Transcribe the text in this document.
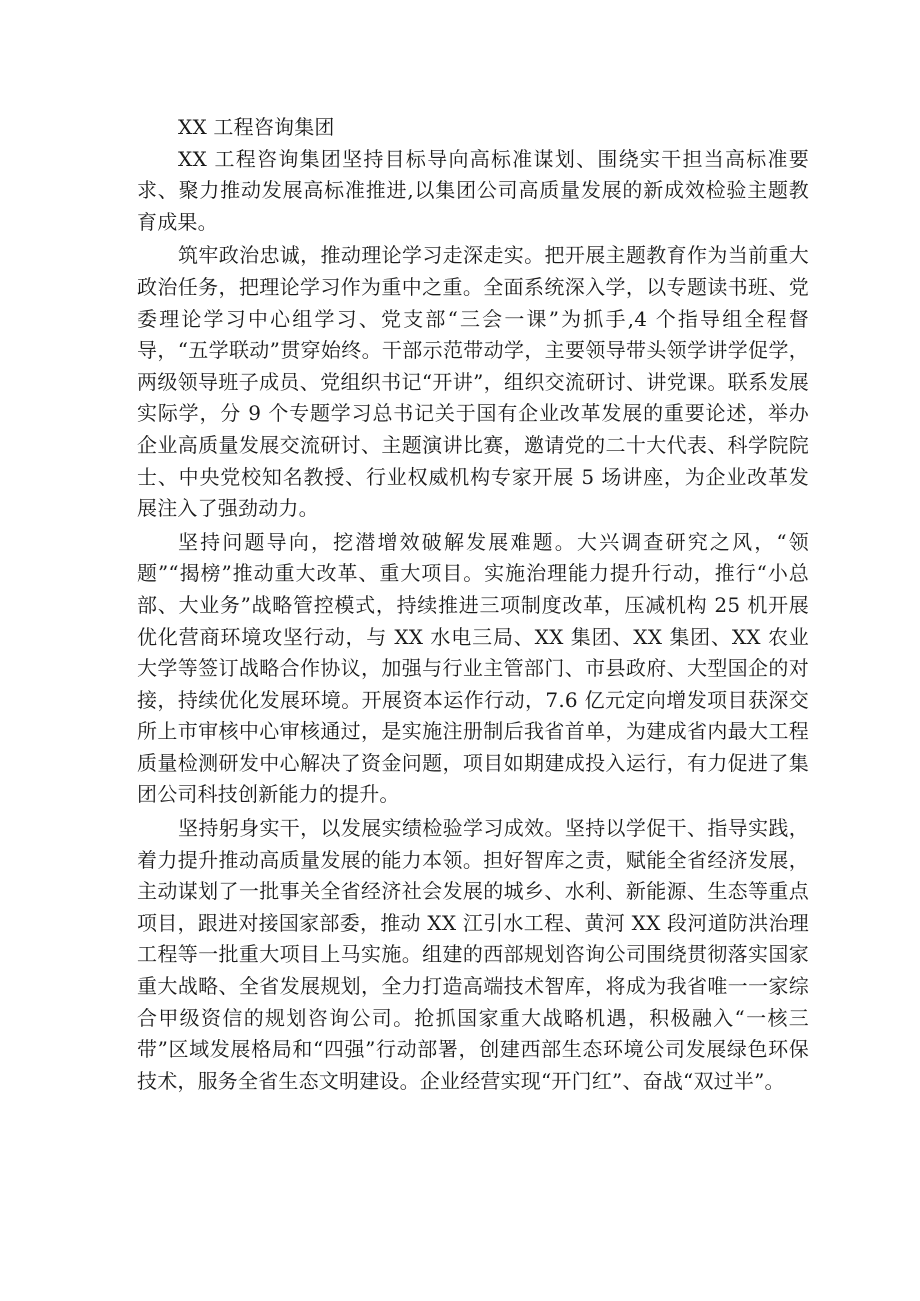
XX 工程咨询集团

XX 工程咨询集团坚持目标导向高标准谋划、围绕实干担当高标准要求、聚力推动发展高标准推进,以集团公司高质量发展的新成效检验主题教育成果。

筑牢政治忠诚，推动理论学习走深走实。把开展主题教育作为当前重大政治任务，把理论学习作为重中之重。全面系统深入学，以专题读书班、党委理论学习中心组学习、党支部“三会一课”为抓手,4 个指导组全程督导，“五学联动”贯穿始终。干部示范带动学，主要领导带头领学讲学促学，两级领导班子成员、党组织书记“开讲”，组织交流研讨、讲党课。联系发展实际学，分 9 个专题学习总书记关于国有企业改革发展的重要论述，举办企业高质量发展交流研讨、主题演讲比赛，邀请党的二十大代表、科学院院士、中央党校知名教授、行业权威机构专家开展 5 场讲座，为企业改革发展注入了强劲动力。

坚持问题导向，挖潜增效破解发展难题。大兴调查研究之风，“领题”“揭榜”推动重大改革、重大项目。实施治理能力提升行动，推行“小总部、大业务”战略管控模式，持续推进三项制度改革，压减机构 25 机开展优化营商环境攻坚行动，与 XX 水电三局、XX 集团、XX 集团、XX 农业大学等签订战略合作协议，加强与行业主管部门、市县政府、大型国企的对接，持续优化发展环境。开展资本运作行动，7.6 亿元定向增发项目获深交所上市审核中心审核通过，是实施注册制后我省首单，为建成省内最大工程质量检测研发中心解决了资金问题，项目如期建成投入运行，有力促进了集团公司科技创新能力的提升。

坚持躬身实干，以发展实绩检验学习成效。坚持以学促干、指导实践，着力提升推动高质量发展的能力本领。担好智库之责，赋能全省经济发展，主动谋划了一批事关全省经济社会发展的城乡、水利、新能源、生态等重点项目，跟进对接国家部委，推动 XX 江引水工程、黄河 XX 段河道防洪治理工程等一批重大项目上马实施。组建的西部规划咨询公司围绕贯彻落实国家重大战略、全省发展规划，全力打造高端技术智库，将成为我省唯一一家综合甲级资信的规划咨询公司。抢抓国家重大战略机遇，积极融入“一核三带”区域发展格局和“四强”行动部署，创建西部生态环境公司发展绿色环保技术，服务全省生态文明建设。企业经营实现“开门红”、奋战“双过半”。
